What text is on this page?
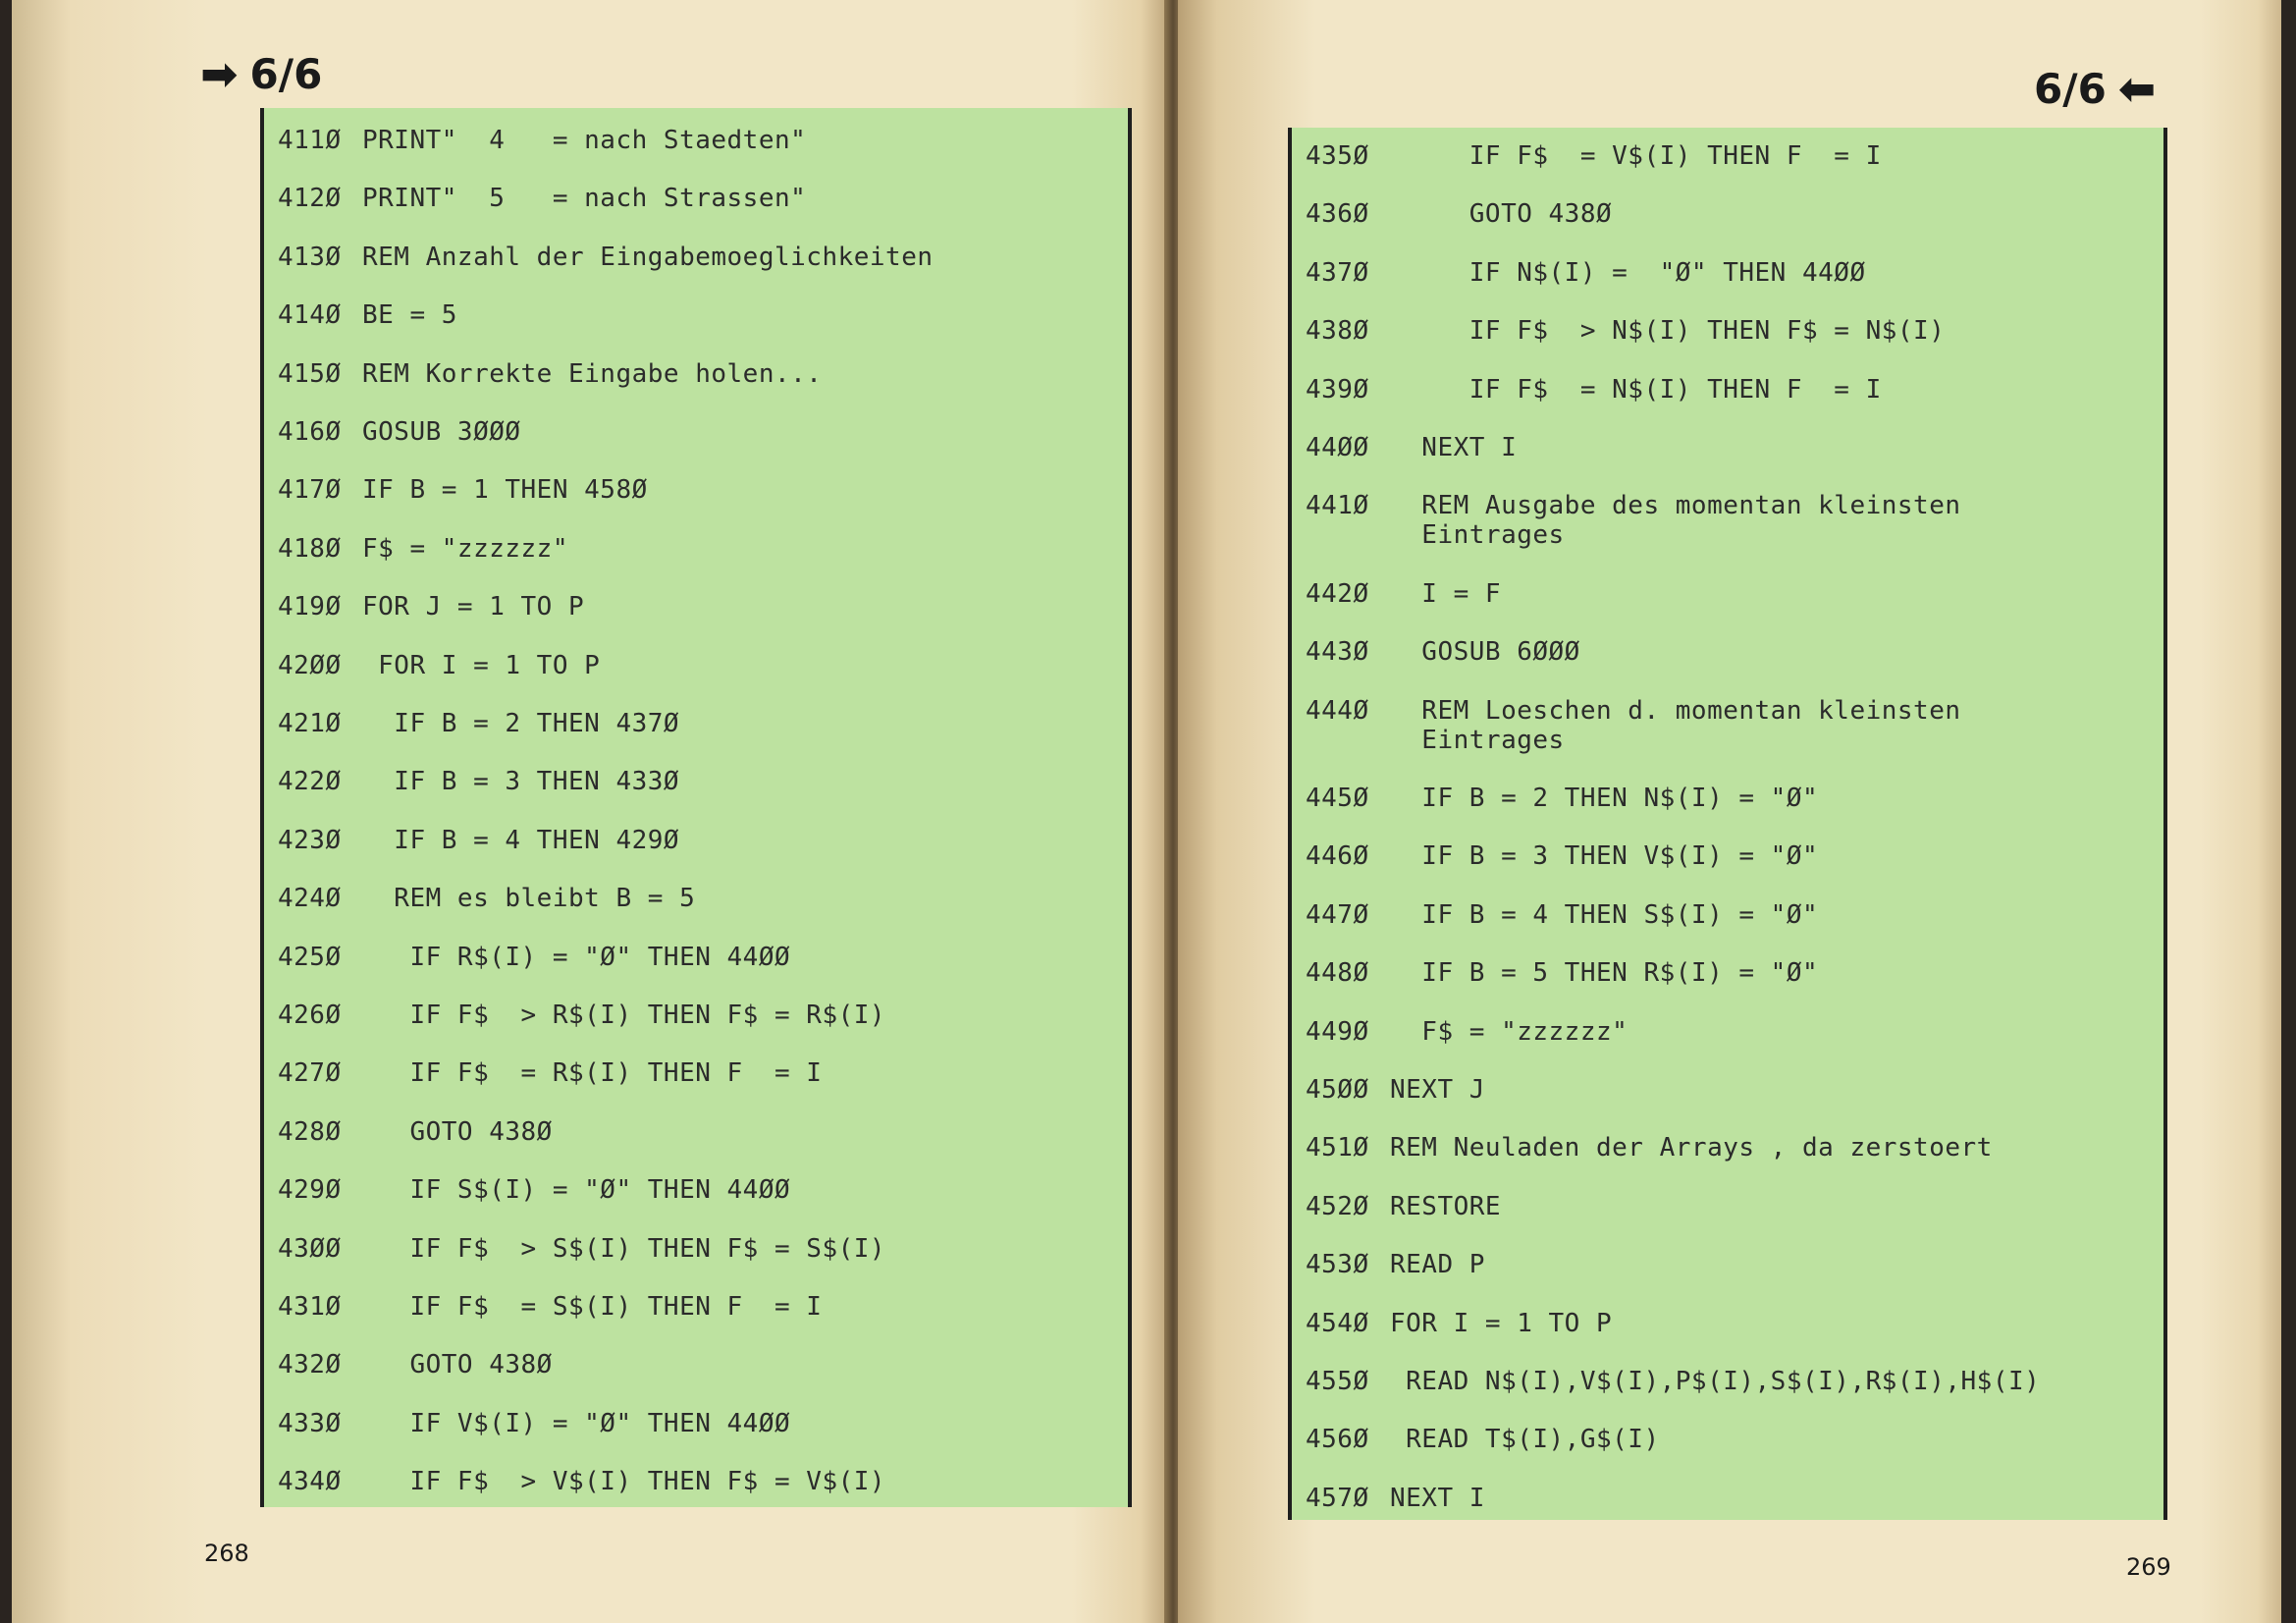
➡ 6/6
268
6/6 ⬅
269
411Ø PRINT"  4   = nach Staedten"
412Ø PRINT"  5   = nach Strassen"
413Ø REM Anzahl der Eingabemoeglichkeiten
414Ø BE = 5
415Ø REM Korrekte Eingabe holen...
416Ø GOSUB 3ØØØ
417Ø IF B = 1 THEN 458Ø
418Ø F$ = "zzzzzz"
419Ø FOR J = 1 TO P
42ØØ FOR I = 1 TO P
421Ø  IF B = 2 THEN 437Ø
422Ø  IF B = 3 THEN 433Ø
423Ø  IF B = 4 THEN 429Ø
424Ø  REM es bleibt B = 5
425Ø   IF R$(I) = "Ø" THEN 44ØØ
426Ø   IF F$  > R$(I) THEN F$ = R$(I)
427Ø   IF F$  = R$(I) THEN F  = I
428Ø   GOTO 438Ø
429Ø   IF S$(I) = "Ø" THEN 44ØØ
43ØØ   IF F$  > S$(I) THEN F$ = S$(I)
431Ø   IF F$  = S$(I) THEN F  = I
432Ø   GOTO 438Ø
433Ø   IF V$(I) = "Ø" THEN 44ØØ
434Ø   IF F$  > V$(I) THEN F$ = V$(I)
435Ø     IF F$  = V$(I) THEN F  = I
436Ø     GOTO 438Ø
437Ø     IF N$(I) =  "Ø" THEN 44ØØ
438Ø     IF F$  > N$(I) THEN F$ = N$(I)
439Ø     IF F$  = N$(I) THEN F  = I
44ØØ  NEXT I
441Ø  REM Ausgabe des momentan kleinsten
Eintrages
442Ø  I = F
443Ø  GOSUB 6ØØØ
444Ø  REM Loeschen d. momentan kleinsten
Eintrages
445Ø  IF B = 2 THEN N$(I) = "Ø"
446Ø  IF B = 3 THEN V$(I) = "Ø"
447Ø  IF B = 4 THEN S$(I) = "Ø"
448Ø  IF B = 5 THEN R$(I) = "Ø"
449Ø  F$ = "zzzzzz"
45ØØ NEXT J
451Ø REM Neuladen der Arrays , da zerstoert
452Ø RESTORE
453Ø READ P
454Ø FOR I = 1 TO P
455Ø READ N$(I),V$(I),P$(I),S$(I),R$(I),H$(I)
456Ø READ T$(I),G$(I)
457Ø NEXT I
